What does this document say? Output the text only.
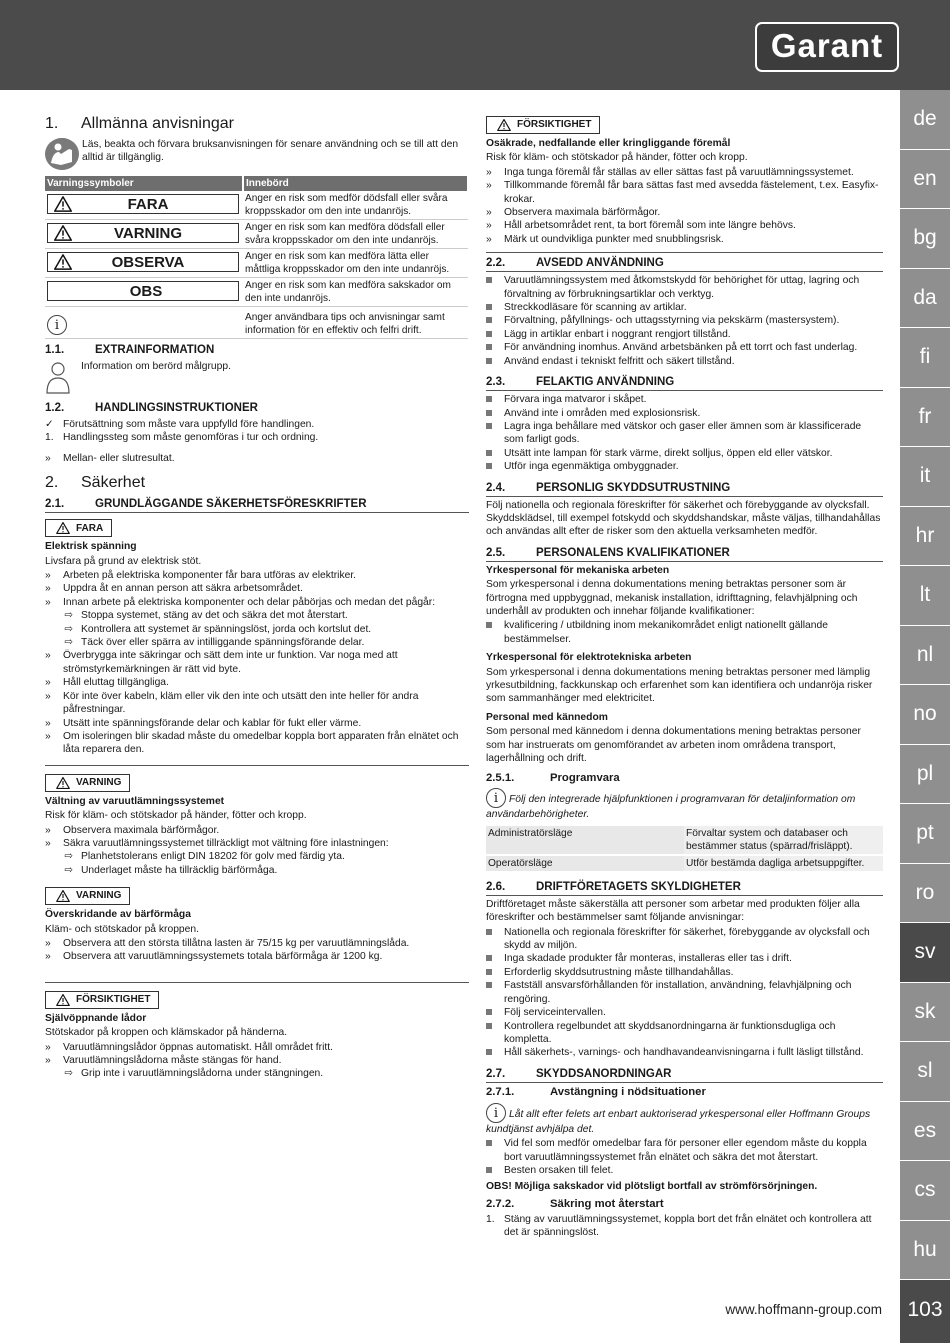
Garant
de
en
bg
da
fi
fr
it
hr
lt
nl
no
pl
pt
ro
sv
sk
sl
es
cs
hu
103
www.hoffmann-group.com
1. Allmänna anvisningar

Läs, beakta och förvara bruksanvisningen för senare användning och se till att den alltid är tillgänglig.

Varningssymboler	Innebörd

FARA	Anger en risk som medför dödsfall eller svåra kroppsskador om den inte undanröjs.

VARNING	Anger en risk som kan medföra dödsfall eller svåra kroppsskador om den inte undanröjs.

OBSERVA	Anger en risk som kan medföra lätta eller måttliga kroppsskador om den inte undanröjs.

OBS	Anger en risk som kan medföra sakskador om den inte undanröjs.
i	Anger användbara tips och anvisningar samt information för en effektiv och felfri drift.
1.1.	EXTRAINFORMATION

Information om berörd målgrupp.

1.2.	HANDLINGSINSTRUKTIONER
✓ Förutsättning som måste vara uppfylld före handlingen.
1. Handlingssteg som måste genomföras i tur och ordning.
»	Mellan- eller slutresultat.
2. Säkerhet
2.1.	GRUNDLÄGGANDE SÄKERHETSFÖRESKRIFTER
FARA

Elektrisk spänning

Livsfara på grund av elektrisk stöt.

»	Arbeten på elektriska komponenter får bara utföras av elektriker.
»	Uppdra åt en annan person att säkra arbetsområdet.
»	Innan arbete på elektriska komponenter och delar påbörjas och medan det pågår:
⇨ Stoppa systemet, stäng av det och säkra det mot återstart.
⇨ Kontrollera att systemet är spänningslöst, jorda och kortslut det.
⇨ Täck över eller spärra av intilliggande spänningsförande delar.
»	Överbrygga inte säkringar och sätt dem inte ur funktion. Var noga med att strömstyrkemärkningen är rätt vid byte.
»	Håll eluttag tillgängliga.
»	Kör inte över kabeln, kläm eller vik den inte och utsätt den inte heller för andra påfrestningar.
»	Utsätt inte spänningsförande delar och kablar för fukt eller värme.
»	Om isoleringen blir skadad måste du omedelbar koppla bort apparaten från elnätet och låta reparera den.
VARNING

Vältning av varuutlämningssystemet

Risk för kläm- och stötskador på händer, fötter och kropp.

»	Observera maximala bärförmågor.
»	Säkra varuutlämningssystemet tillräckligt mot vältning före inlastningen:
⇨ Planhetstolerans enligt DIN 18202 för golv med färdig yta.
⇨ Underlaget måste ha tillräcklig bärförmåga.
VARNING

Överskridande av bärförmåga

Kläm- och stötskador på kroppen.

»	Observera att den största tillåtna lasten är 75/15 kg per varuutlämningslåda.
»	Observera att varuutlämningssystemets totala bärförmåga är 1200 kg.
FÖRSIKTIGHET

Självöppnande lådor

Stötskador på kroppen och klämskador på händerna.

»	Varuutlämningslådor öppnas automatiskt. Håll området fritt.
»	Varuutlämningslådorna måste stängas för hand.
⇨ Grip inte i varuutlämningslådorna under stängningen.
FÖRSIKTIGHET

Osäkrade, nedfallande eller kringliggande föremål

Risk för kläm- och stötskador på händer, fötter och kropp.

»	Inga tunga föremål får ställas av eller sättas fast på varuutlämningssystemet.
»	Tillkommande föremål får bara sättas fast med avsedda fästelement, t.ex. Easyfix-krokar.
»	Observera maximala bärförmågor.
»	Håll arbetsområdet rent, ta bort föremål som inte längre behövs.
»	Märk ut oundvikliga punkter med snubblingsrisk.
2.2.	AVSEDD ANVÄNDNING
Varuutlämningssystem med åtkomstskydd för behörighet för uttag, lagring och förvaltning av förbrukningsartiklar och verktyg.
Streckkodläsare för scanning av artiklar.
Förvaltning, påfyllnings- och uttagsstyrning via pekskärm (mastersystem).
Lägg in artiklar enbart i noggrant rengjort tillstånd.
För användning inomhus. Använd arbetsbänken på ett torrt och fast underlag.
Använd endast i tekniskt felfritt och säkert tillstånd.
2.3.	FELAKTIG ANVÄNDNING
Förvara inga matvaror i skåpet.
Använd inte i områden med explosionsrisk.
Lagra inga behållare med vätskor och gaser eller ämnen som är klassificerade som farligt gods.
Utsätt inte lampan för stark värme, direkt solljus, öppen eld eller vätskor.
Utför inga egenmäktiga ombyggnader.
2.4.	PERSONLIG SKYDDSUTRUSTNING

Följ nationella och regionala föreskrifter för säkerhet och förebyggande av olycksfall. Skyddsklädsel, till exempel fotskydd och skyddshandskar, måste väljas, tillhandahållas och användas allt efter de risker som den aktuella verksamheten medför.

2.5.	PERSONALENS KVALIFIKATIONER

Yrkespersonal för mekaniska arbeten

Som yrkespersonal i denna dokumentations mening betraktas personer som är förtrogna med uppbyggnad, mekanisk installation, idrifttagning, felavhjälpning och underhåll av produkten och innehar följande kvalifikationer:

kvalificering / utbildning inom mekanikområdet enligt nationellt gällande bestämmelser.

Yrkespersonal för elektrotekniska arbeten

Som yrkespersonal i denna dokumentations mening betraktas personer med lämplig yrkesutbildning, fackkunskap och erfarenhet som kan identifiera och undanröja risker som sammanhänger med elektricitet.

Personal med kännedom

Som personal med kännedom i denna dokumentations mening betraktas personer som har instruerats om genomförandet av arbeten inom områdena transport, lagerhållning och drift.

2.5.1.	Programvara

i Följ den integrerade hjälpfunktionen i programvaran för detaljinformation om användarbehörigheter.

Administratörsläge	Förvaltar system och databaser och bestämmer status (spärrad/frisläppt).
Operatörsläge	Utför bestämda dagliga arbetsuppgifter.
2.6.	DRIFTFÖRETAGETS SKYLDIGHETER

Driftföretaget måste säkerställa att personer som arbetar med produkten följer alla föreskrifter och bestämmelser samt följande anvisningar:

Nationella och regionala föreskrifter för säkerhet, förebyggande av olycksfall och skydd av miljön.
Inga skadade produkter får monteras, installeras eller tas i drift.
Erforderlig skyddsutrustning måste tillhandahållas.
Fastställ ansvarsförhållanden för installation, användning, felavhjälpning och rengöring.
Följ serviceintervallen.
Kontrollera regelbundet att skyddsanordningarna är funktionsdugliga och kompletta.
Håll säkerhets-, varnings- och handhavandeanvisningarna i fullt läsligt tillstånd.
2.7.	SKYDDSANORDNINGAR
2.7.1.	Avstängning i nödsituationer

i Låt allt efter felets art enbart auktoriserad yrkespersonal eller Hoffmann Groups kundtjänst avhjälpa det.

Vid fel som medför omedelbar fara för personer eller egendom måste du koppla bort varuutlämningssystemet från elnätet och säkra det mot återstart.
Besten orsaken till felet.

OBS! Möjliga sakskador vid plötsligt bortfall av strömförsörjningen.

2.7.2.	Säkring mot återstart
1. Stäng av varuutlämningssystemet, koppla bort det från elnätet och kontrollera att det är spänningslöst.
